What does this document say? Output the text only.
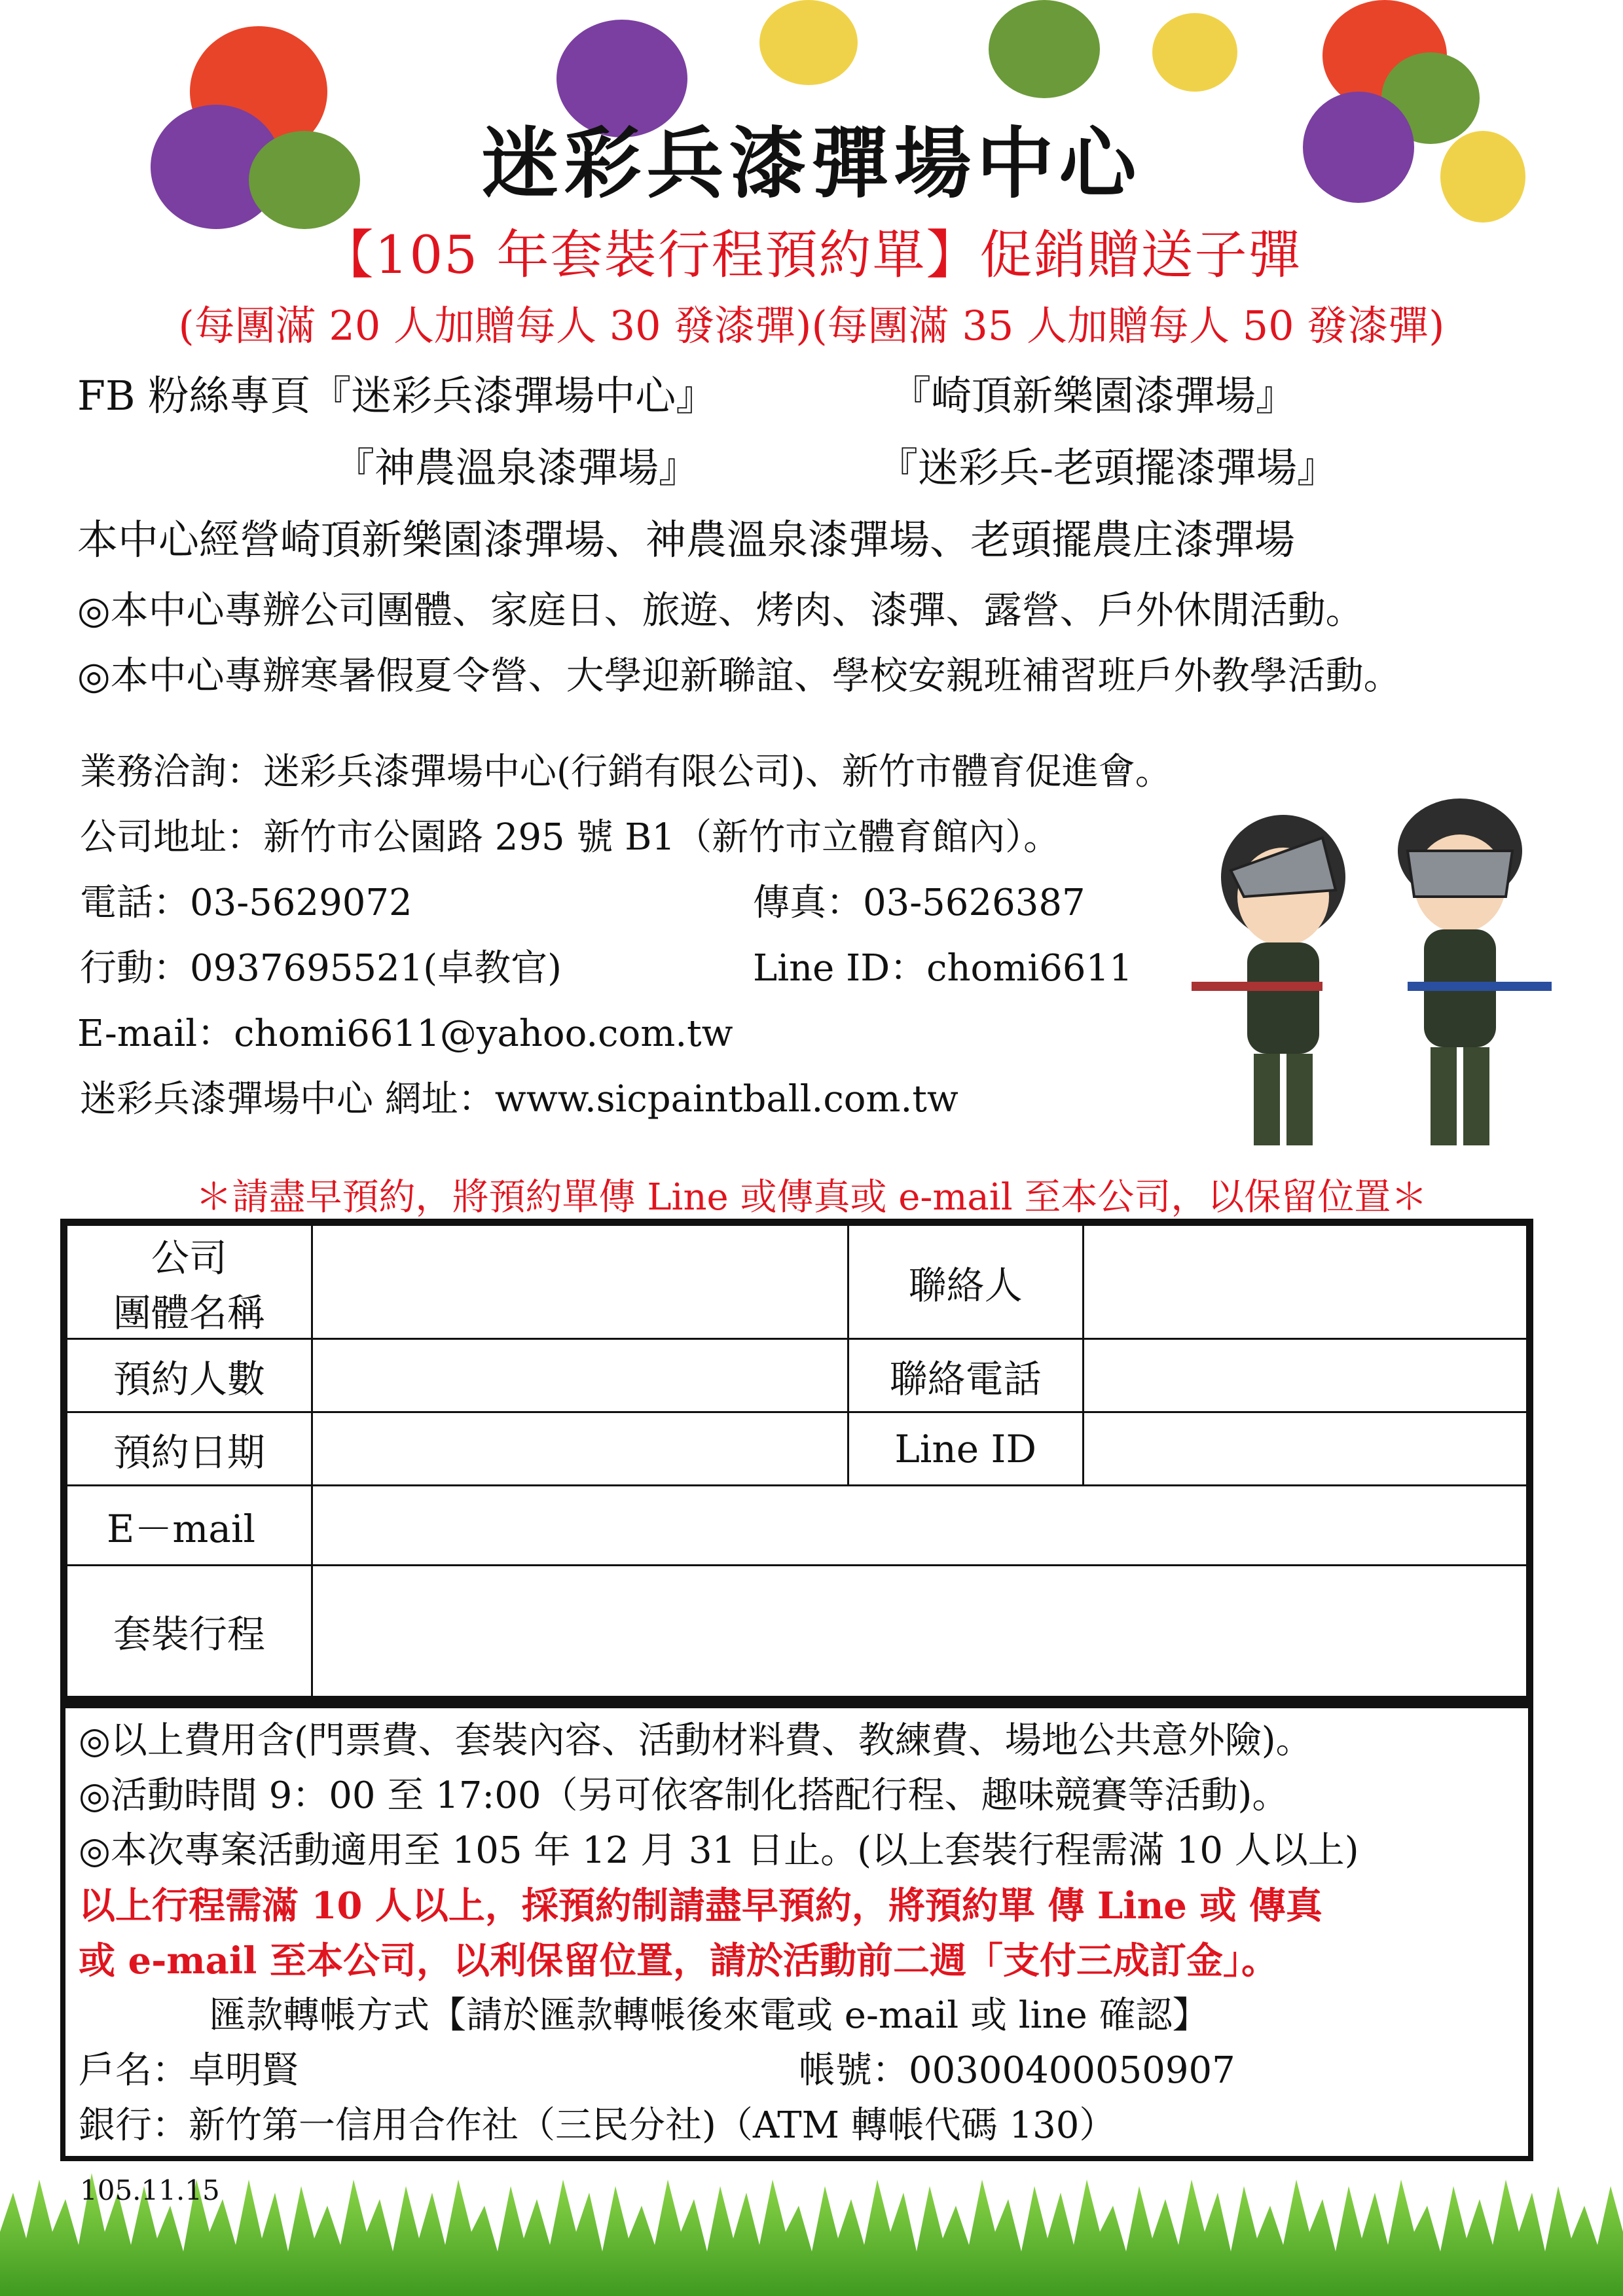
迷彩兵漆彈場中心
【105 年套裝行程預約單】促銷贈送子彈
(每團滿 20 人加贈每人 30 發漆彈)(每團滿 35 人加贈每人 50 發漆彈)
FB 粉絲專頁『迷彩兵漆彈場中心』	『崎頂新樂園漆彈場』
『神農溫泉漆彈場』	『迷彩兵-老頭擺漆彈場』
本中心經營崎頂新樂園漆彈場、神農溫泉漆彈場、老頭擺農庄漆彈場
◎本中心專辦公司團體、家庭日、旅遊、烤肉、漆彈、露營、戶外休閒活動。
◎本中心專辦寒暑假夏令營、大學迎新聯誼、學校安親班補習班戶外教學活動。
業務洽詢：迷彩兵漆彈場中心(行銷有限公司)、新竹市體育促進會。
公司地址：新竹市公園路 295 號 B1（新竹市立體育館內）。
電話：03-5629072	傳真：03-5626387
行動：0937695521(卓教官)	Line ID：chomi6611
E-mail：chomi6611@yahoo.com.tw
迷彩兵漆彈場中心 網址：www.sicpaintball.com.tw
＊請盡早預約，將預約單傳 Line 或傳真或 e-mail 至本公司，以保留位置＊
公司
團體名稱		聯絡人	
預約人數		聯絡電話	
預約日期		Line ID	
E－mail			
套裝行程			
◎以上費用含(門票費、套裝內容、活動材料費、教練費、場地公共意外險)。
◎活動時間 9：00 至 17:00（另可依客制化搭配行程、趣味競賽等活動)。
◎本次專案活動適用至 105 年 12 月 31 日止。(以上套裝行程需滿 10 人以上)
以上行程需滿 10 人以上，採預約制請盡早預約，將預約單 傳 Line 或 傳真
或 e-mail 至本公司，以利保留位置，請於活動前二週「支付三成訂金」。
匯款轉帳方式【請於匯款轉帳後來電或 e-mail 或 line 確認】
戶名：卓明賢	帳號：00300400050907
銀行：新竹第一信用合作社（三民分社)（ATM 轉帳代碼 130）
105.11.15
